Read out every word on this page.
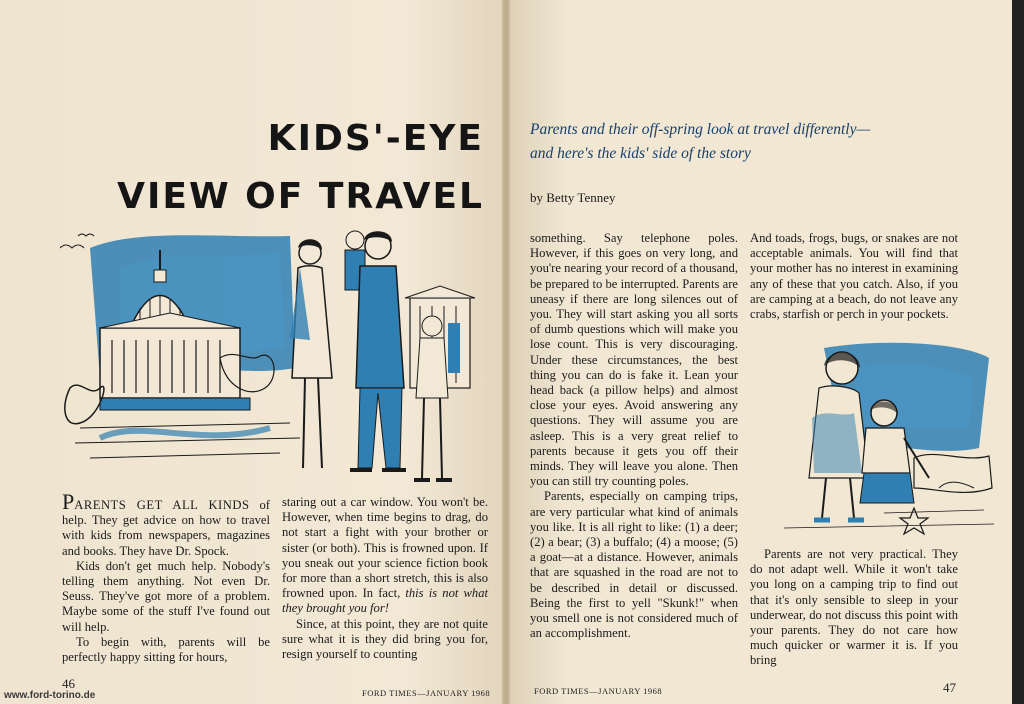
KIDS'-EYE
VIEW OF TRAVEL

PARENTS GET ALL KINDS of help. They get advice on how to travel with kids from newspapers, magazines and books. They have Dr. Spock.

Kids don't get much help. Nobody's telling them anything. Not even Dr. Seuss. They've got more of a problem. Maybe some of the stuff I've found out will help.

To begin with, parents will be perfectly happy sitting for hours,

staring out a car window. You won't be. However, when time begins to drag, do not start a fight with your brother or sister (or both). This is frowned upon. If you sneak out your science fiction book for more than a short stretch, this is also frowned upon. In fact, this is not what they brought you for!

Since, at this point, they are not quite sure what it is they did bring you for, resign yourself to counting

46
FORD TIMES—JANUARY 1968
www.ford-torino.de

Parents and their off-spring look at travel differently—
and here's the kids' side of the story

by Betty Tenney

something. Say telephone poles. However, if this goes on very long, and you're nearing your record of a thousand, be prepared to be interrupted. Parents are uneasy if there are long silences out of you. They will start asking you all sorts of dumb questions which will make you lose count. This is very discouraging. Under these circumstances, the best thing you can do is fake it. Lean your head back (a pillow helps) and almost close your eyes. Avoid answering any questions. They will assume you are asleep. This is a very great relief to parents because it gets you off their minds. They will leave you alone. Then you can still try counting poles.

Parents, especially on camping trips, are very particular what kind of animals you like. It is all right to like: (1) a deer; (2) a bear; (3) a buffalo; (4) a moose; (5) a goat—at a distance. However, animals that are squashed in the road are not to be described in detail or discussed. Being the first to yell "Skunk!" when you smell one is not considered much of an accomplishment.

And toads, frogs, bugs, or snakes are not acceptable animals. You will find that your mother has no interest in examining any of these that you catch. Also, if you are camping at a beach, do not leave any crabs, starfish or perch in your pockets.

Parents are not very practical. They do not adapt well. While it won't take you long on a camping trip to find out that it's only sensible to sleep in your underwear, do not discuss this point with your parents. They do not care how much quicker or warmer it is. If you bring

FORD TIMES—JANUARY 1968	47
